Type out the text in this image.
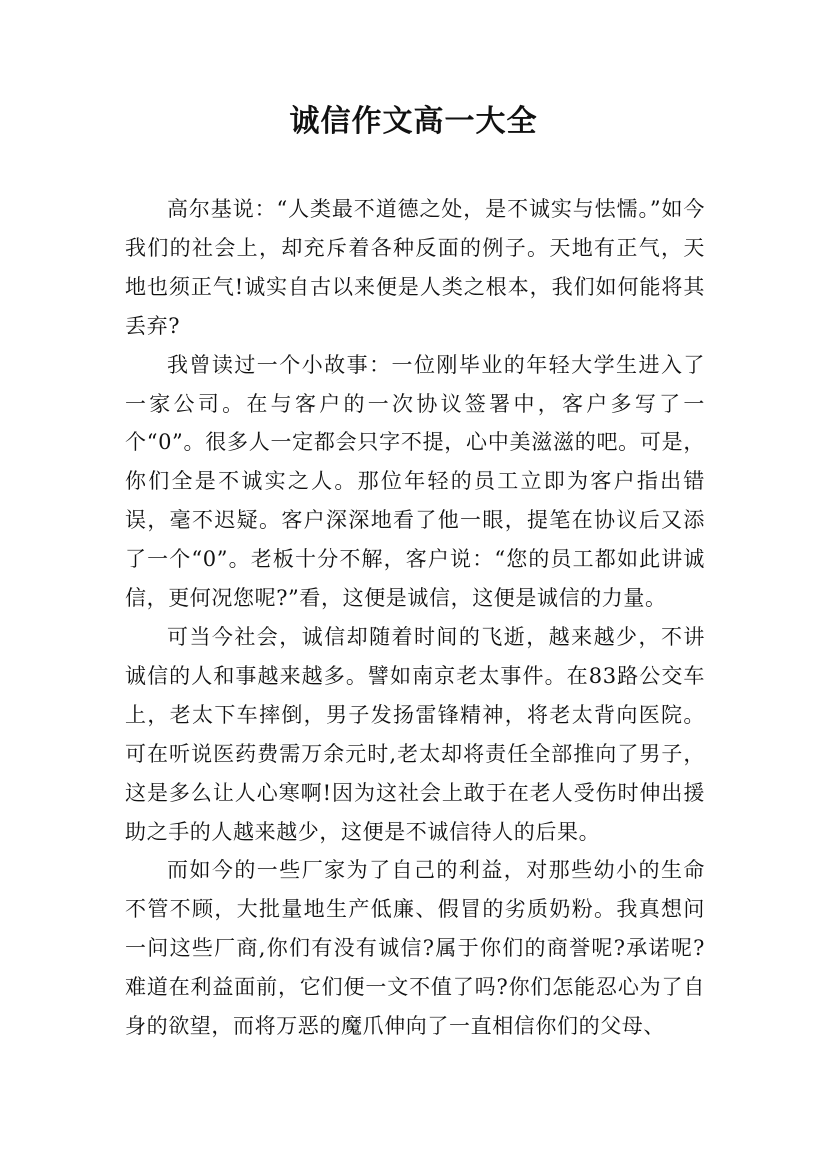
诚信作文高一大全

高尔基说：“人类最不道德之处，是不诚实与怯懦。”如今我们的社会上，却充斥着各种反面的例子。天地有正气，天地也须正气!诚实自古以来便是人类之根本，我们如何能将其丢弃?

我曾读过一个小故事：一位刚毕业的年轻大学生进入了一家公司。在与客户的一次协议签署中，客户多写了一个“0”。很多人一定都会只字不提，心中美滋滋的吧。可是，你们全是不诚实之人。那位年轻的员工立即为客户指出错误，毫不迟疑。客户深深地看了他一眼，提笔在协议后又添了一个“0”。老板十分不解，客户说：“您的员工都如此讲诚信，更何况您呢?”看，这便是诚信，这便是诚信的力量。

可当今社会，诚信却随着时间的飞逝，越来越少，不讲诚信的人和事越来越多。譬如南京老太事件。在83路公交车上，老太下车摔倒，男子发扬雷锋精神，将老太背向医院。可在听说医药费需万余元时,老太却将责任全部推向了男子，这是多么让人心寒啊!因为这社会上敢于在老人受伤时伸出援助之手的人越来越少，这便是不诚信待人的后果。

而如今的一些厂家为了自己的利益，对那些幼小的生命不管不顾，大批量地生产低廉、假冒的劣质奶粉。我真想问一问这些厂商,你们有没有诚信?属于你们的商誉呢?承诺呢?难道在利益面前，它们便一文不值了吗?你们怎能忍心为了自身的欲望，而将万恶的魔爪伸向了一直相信你们的父母、
